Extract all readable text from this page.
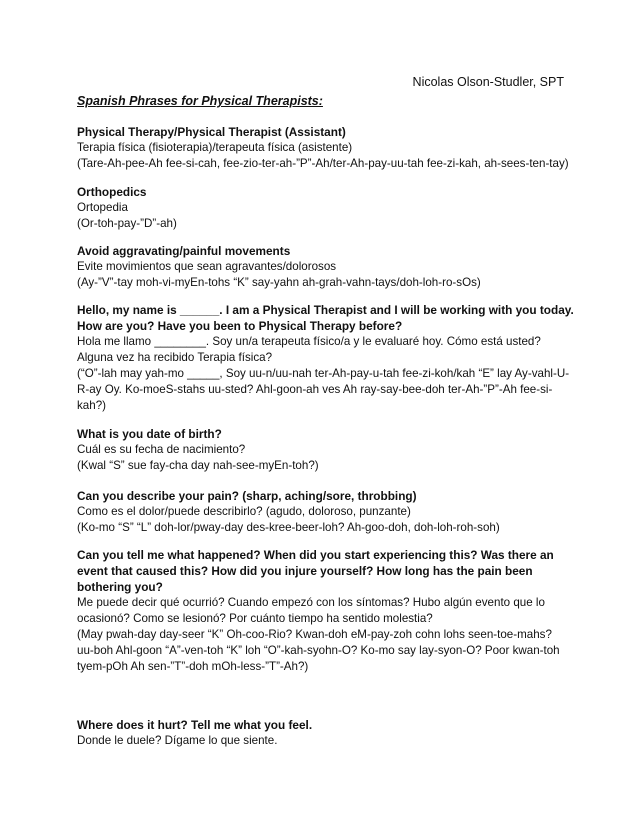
Nicolas Olson-Studler, SPT
Spanish Phrases for Physical Therapists:

Physical Therapy/Physical Therapist (Assistant)

Terapia física (fisioterapia)/terapeuta física (asistente)

(Tare-Ah-pee-Ah fee-si-cah, fee-zio-ter-ah-”P”-Ah/ter-Ah-pay-uu-tah fee-zi-kah, ah-sees-ten-tay)

Orthopedics

Ortopedia

(Or-toh-pay-”D”-ah)

Avoid aggravating/painful movements

Evite movimientos que sean agravantes/dolorosos

(Ay-”V”-tay moh-vi-myEn-tohs “K” say-yahn ah-grah-vahn-tays/doh-loh-ro-sOs)

Hello, my name is ______. I am a Physical Therapist and I will be working with you today.

How are you? Have you been to Physical Therapy before?

Hola me llamo ________. Soy un/a terapeuta físico/a y le evaluaré hoy. Cómo está usted?

Alguna vez ha recibido Terapia física?

(“O”-lah may yah-mo _____, Soy uu-n/uu-nah ter-Ah-pay-u-tah fee-zi-koh/kah “E” lay Ay-vahl-U-

R-ay Oy. Ko-moeS-stahs uu-sted? Ahl-goon-ah ves Ah ray-say-bee-doh ter-Ah-”P”-Ah fee-si-

kah?)

What is you date of birth?

Cuál es su fecha de nacimiento?

(Kwal “S” sue fay-cha day nah-see-myEn-toh?)

Can you describe your pain? (sharp, aching/sore, throbbing)

Como es el dolor/puede describirlo? (agudo, doloroso, punzante)

(Ko-mo “S” “L” doh-lor/pway-day des-kree-beer-loh? Ah-goo-doh, doh-loh-roh-soh)

Can you tell me what happened? When did you start experiencing this? Was there an

event that caused this? How did you injure yourself? How long has the pain been

bothering you?

Me puede decir qué ocurrió? Cuando empezó con los síntomas? Hubo algún evento que lo

ocasionó? Como se lesionó? Por cuánto tiempo ha sentido molestia?

(May pwah-day day-seer “K” Oh-coo-Rio? Kwan-doh eM-pay-zoh cohn lohs seen-toe-mahs?

uu-boh Ahl-goon “A”-ven-toh “K” loh “O”-kah-syohn-O? Ko-mo say lay-syon-O? Poor kwan-toh

tyem-pOh Ah sen-”T”-doh mOh-less-”T”-Ah?)

Where does it hurt? Tell me what you feel.

Donde le duele? Dígame lo que siente.
